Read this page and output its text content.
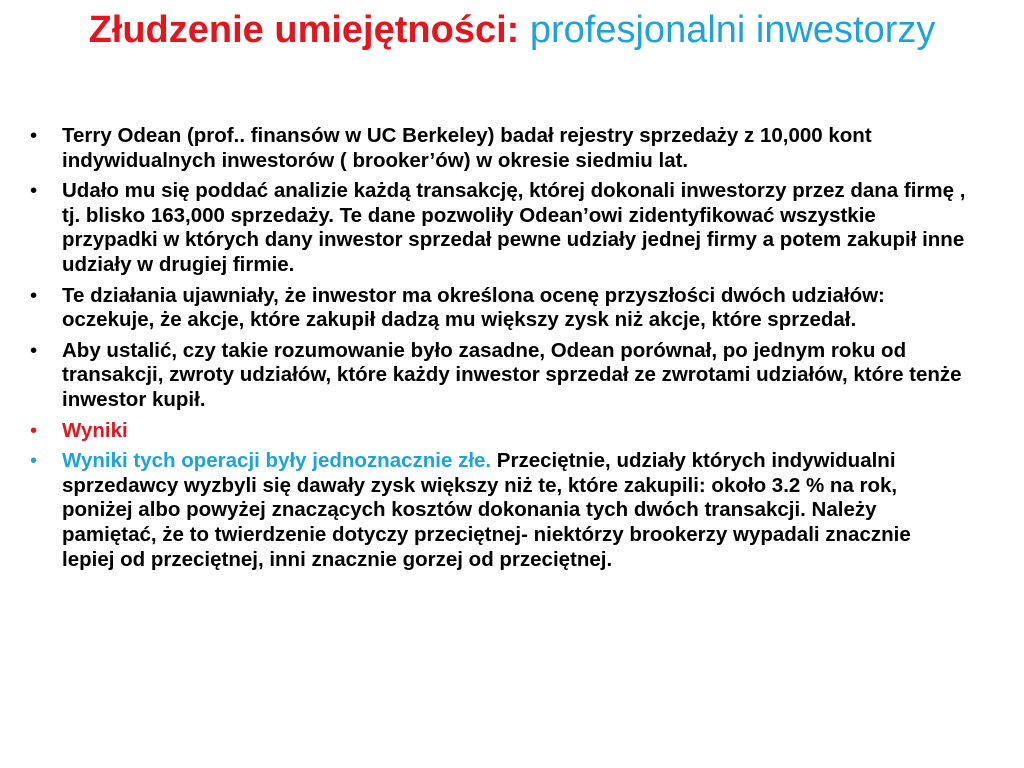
Złudzenie umiejętności: profesjonalni inwestorzy
• Terry Odean (prof.. finansów w UC Berkeley) badał rejestry sprzedaży z 10,000 kont indywidualnych inwestorów ( brooker’ów) w okresie siedmiu lat.
• Udało mu się poddać analizie każdą transakcję, której dokonali inwestorzy przez dana firmę , tj. blisko 163,000 sprzedaży. Te dane pozwoliły Odean’owi zidentyfikować wszystkie przypadki w których dany inwestor sprzedał pewne udziały jednej firmy a potem zakupił inne udziały w drugiej firmie.
• Te działania ujawniały, że inwestor ma określona ocenę przyszłości dwóch udziałów: oczekuje, że akcje, które zakupił dadzą mu większy zysk niż akcje, które sprzedał.
• Aby ustalić, czy takie rozumowanie było zasadne, Odean porównał, po jednym roku od transakcji, zwroty udziałów, które każdy inwestor sprzedał ze zwrotami udziałów, które tenże inwestor kupił.
• Wyniki
• Wyniki tych operacji były jednoznacznie złe. Przeciętnie, udziały których indywidualni sprzedawcy wyzbyli się dawały zysk większy niż te, które zakupili: około 3.2 % na rok, poniżej albo powyżej znaczących kosztów dokonania tych dwóch transakcji. Należy pamiętać, że to twierdzenie dotyczy przeciętnej- niektórzy brookerzy wypadali znacznie lepiej od przeciętnej, inni znacznie gorzej od przeciętnej.
